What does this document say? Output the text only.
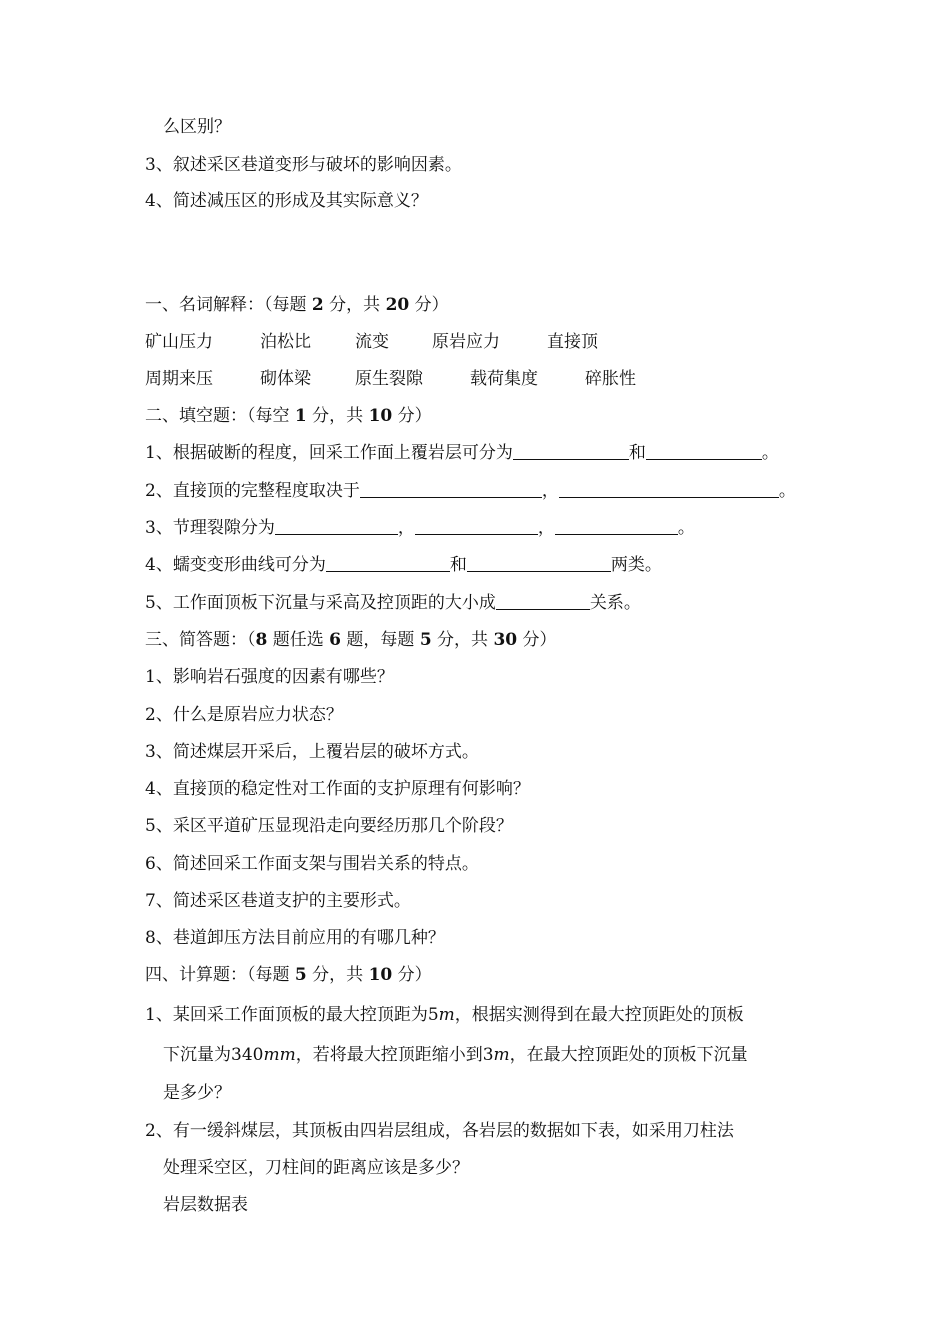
么区别？
3、叙述采区巷道变形与破坏的影响因素。
4、简述减压区的形成及其实际意义？
一、名词解释：（每题 2 分，共 20 分）
矿山压力	泊松比	流变	原岩应力	直接顶
周期来压	砌体梁	原生裂隙	载荷集度	碎胀性
二、填空题：（每空 1 分，共 10 分）
1、根据破断的程度，回采工作面上覆岩层可分为	和	。
2、直接顶的完整程度取决于	，	。
3、节理裂隙分为	，	，	。
4、蠕变变形曲线可分为	和	两类。
5、工作面顶板下沉量与采高及控顶距的大小成	关系。
三、简答题：（8 题任选 6 题，每题 5 分，共 30 分）
1、影响岩石强度的因素有哪些？
2、什么是原岩应力状态？
3、简述煤层开采后，上覆岩层的破坏方式。
4、直接顶的稳定性对工作面的支护原理有何影响？
5、采区平道矿压显现沿走向要经历那几个阶段？
6、简述回采工作面支架与围岩关系的特点。
7、简述采区巷道支护的主要形式。
8、巷道卸压方法目前应用的有哪几种？
四、计算题：（每题 5 分，共 10 分）
1、某回采工作面顶板的最大控顶距为5m，根据实测得到在最大控顶距处的顶板
下沉量为340mm，若将最大控顶距缩小到3m，在最大控顶距处的顶板下沉量
是多少？
2、有一缓斜煤层，其顶板由四岩层组成，各岩层的数据如下表，如采用刀柱法
处理采空区，刀柱间的距离应该是多少？
岩层数据表
